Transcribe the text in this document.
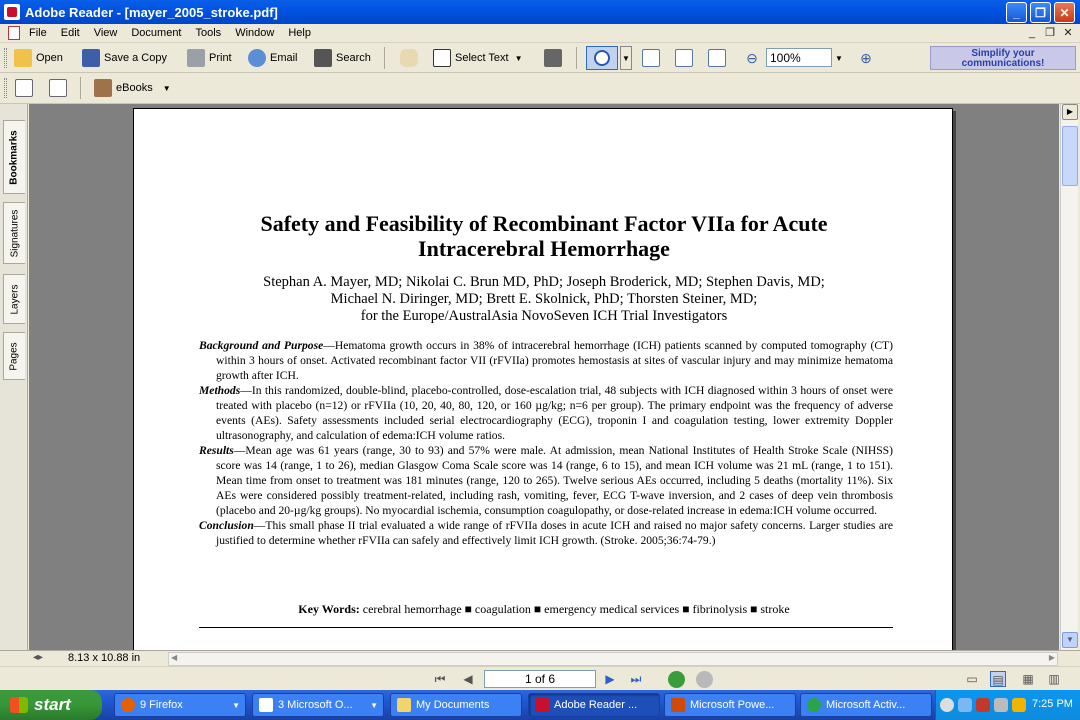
Adobe Reader - [mayer_2005_stroke.pdf]	_	❐	✕
File	Edit	View	Document	Tools	Window	Help	_ ❐ ✕
Open	Save a Copy	Print	Email	Search	Select Text ▼	▼	⊖	100%	▼ ⊕	Simplify your
communications!
eBooks ▼
Bookmarks
Signatures
Layers
Pages
Safety and Feasibility of Recombinant Factor VIIa for Acute
Intracerebral Hemorrhage
Stephan A. Mayer, MD; Nikolai C. Brun MD, PhD; Joseph Broderick, MD; Stephen Davis, MD;
Michael N. Diringer, MD; Brett E. Skolnick, PhD; Thorsten Steiner, MD;
for the Europe/AustralAsia NovoSeven ICH Trial Investigators
Background and Purpose—Hematoma growth occurs in 38% of intracerebral hemorrhage (ICH) patients scanned by computed tomography (CT) within 3 hours of onset. Activated recombinant factor VII (rFVIIa) promotes hemostasis at sites of vascular injury and may minimize hematoma growth after ICH.
Methods—In this randomized, double-blind, placebo-controlled, dose-escalation trial, 48 subjects with ICH diagnosed within 3 hours of onset were treated with placebo (n=12) or rFVIIa (10, 20, 40, 80, 120, or 160 µg/kg; n=6 per group). The primary endpoint was the frequency of adverse events (AEs). Safety assessments included serial electrocardiography (ECG), troponin I and coagulation testing, lower extremity Doppler ultrasonography, and calculation of edema:ICH volume ratios.
Results—Mean age was 61 years (range, 30 to 93) and 57% were male. At admission, mean National Institutes of Health Stroke Scale (NIHSS) score was 14 (range, 1 to 26), median Glasgow Coma Scale score was 14 (range, 6 to 15), and mean ICH volume was 21 mL (range, 1 to 151). Mean time from onset to treatment was 181 minutes (range, 120 to 265). Twelve serious AEs occurred, including 5 deaths (mortality 11%). Six AEs were considered possibly treatment-related, including rash, vomiting, fever, ECG T-wave inversion, and 2 cases of deep vein thrombosis (placebo and 20-µg/kg groups). No myocardial ischemia, consumption coagulopathy, or dose-related increase in edema:ICH volume occurred.
Conclusion—This small phase II trial evaluated a wide range of rFVIIa doses in acute ICH and raised no major safety concerns. Larger studies are justified to determine whether rFVIIa can safely and effectively limit ICH growth. (Stroke. 2005;36:74-79.)
Key Words: cerebral hemorrhage ■ coagulation ■ emergency medical services ■ fibrinolysis ■ stroke
▶
▼
◂▸ 8.13 x 10.88 in	◀	▶
⏮ ◀	1 of 6	▶ ⏭	▭ ▤ ▦ ▥
start	9 Firefox	▼	3 Microsoft O... ▼	My Documents	Adobe Reader ...	Microsoft Powe...	Microsoft Activ...	7:25 PM
